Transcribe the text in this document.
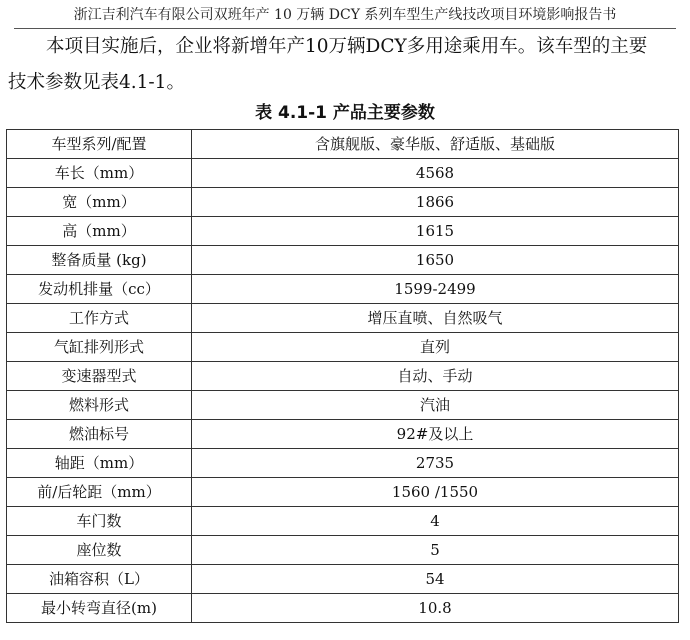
浙江吉利汽车有限公司双班年产 10 万辆 DCY 系列车型生产线技改项目环境影响报告书
本项目实施后，企业将新增年产10万辆DCY多用途乘用车。该车型的主要
技术参数见表4.1-1。
表 4.1-1 产品主要参数
车型系列/配置	含旗舰版、豪华版、舒适版、基础版
车长（mm）	4568
宽（mm）	1866
高（mm）	1615
整备质量 (kg)	1650
发动机排量（cc）	1599-2499
工作方式	增压直喷、自然吸气
气缸排列形式	直列
变速器型式	自动、手动
燃料形式	汽油
燃油标号	92#及以上
轴距（mm）	2735
前/后轮距（mm）	1560 /1550
车门数	4
座位数	5
油箱容积（L）	54
最小转弯直径(m)	10.8
